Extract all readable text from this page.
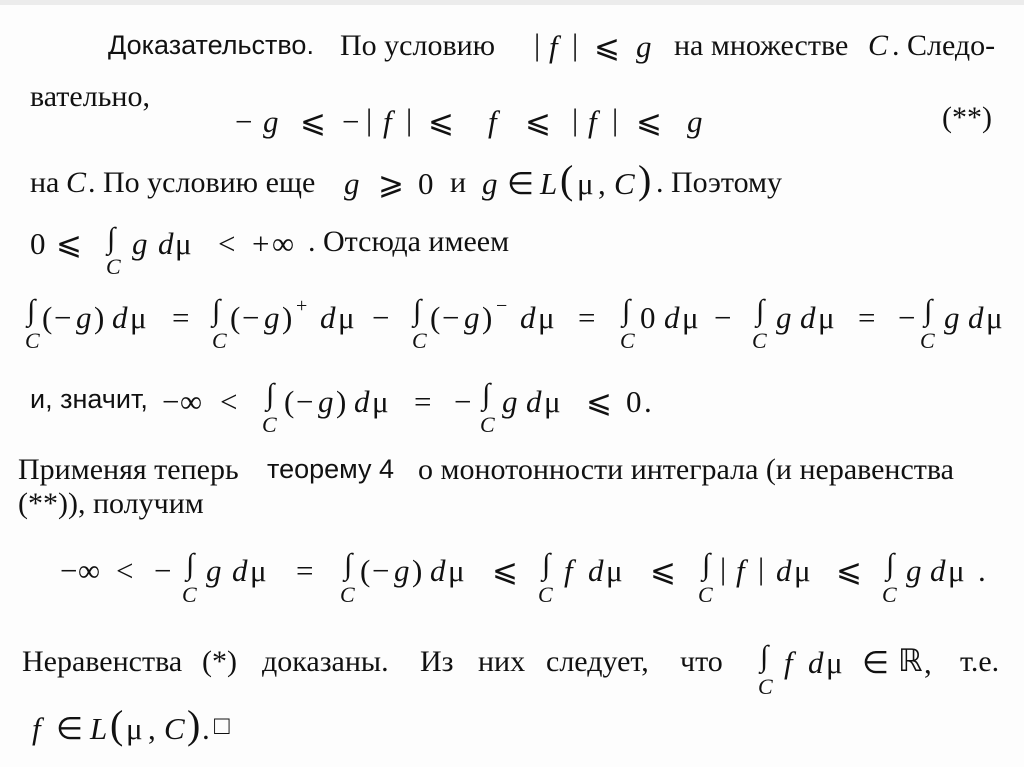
Доказательство. По условию | f | ⩽ g на множестве C . Следо-
вательно,
− g ⩽ − | f | ⩽ f ⩽ | f | ⩽ g	(**)
на C . По условию еще g ⩾ 0 и g ∈ L ( μ , C ) . Поэтому
0 ⩽ ∫
C
g d μ < + ∞ . Отсюда имеем
∫
C
( − g ) d μ = ∫
C
( − g ) + d μ − ∫
C
( − g ) − d μ = ∫
C
0 d μ − ∫
C
g d μ = − ∫
C
g d μ
и, значит, − ∞ < ∫
C
( − g ) d μ = − ∫
C
g d μ ⩽ 0 .
Применяя теперь теорему 4 о монотонности интеграла (и неравенства
(**)), получим
− ∞ < − ∫
C
g d μ = ∫
C
( − g ) d μ ⩽ ∫
C
f d μ ⩽ ∫
C
| f | d μ ⩽ ∫
C
g d μ .
Неравенства (*) доказаны. Из них следует, что ∫
C
f d μ ∈ ℝ , т.е.
f ∈ L ( μ , C ) . □
